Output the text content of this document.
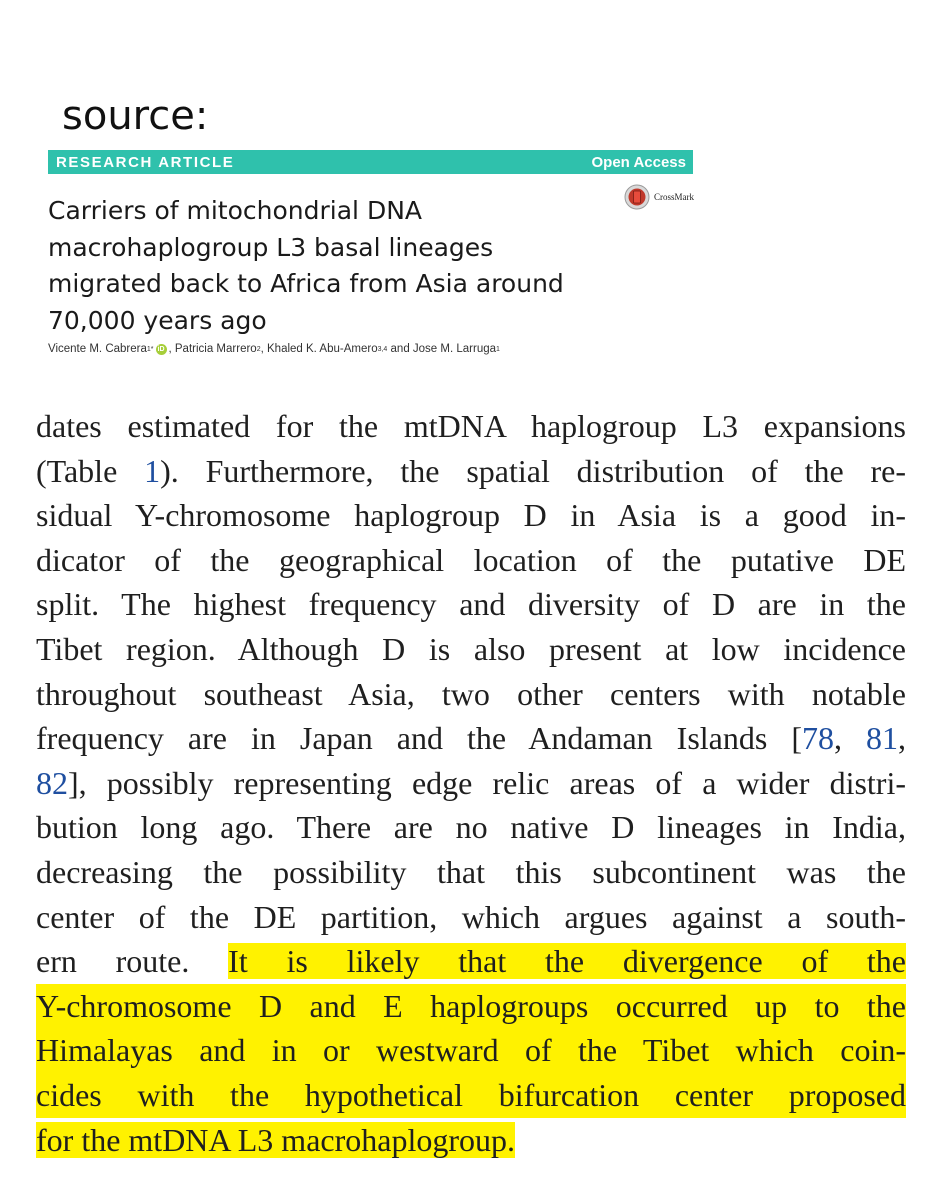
source:
RESEARCH ARTICLE	Open Access
CrossMark
Carriers of mitochondrial DNA
macrohaplogroup L3 basal lineages
migrated back to Africa from Asia around
70,000 years ago
Vicente M. Cabrera 1* iD , Patricia Marrero 2 , Khaled K. Abu-Amero 3,4 and Jose M. Larruga 1
dates estimated for the mtDNA haplogroup L3 expansions
(Table 1). Furthermore, the spatial distribution of the re-
sidual Y-chromosome haplogroup D in Asia is a good in-
dicator of the geographical location of the putative DE
split. The highest frequency and diversity of D are in the
Tibet region. Although D is also present at low incidence
throughout southeast Asia, two other centers with notable
frequency are in Japan and the Andaman Islands [78, 81,
82], possibly representing edge relic areas of a wider distri-
bution long ago. There are no native D lineages in India,
decreasing the possibility that this subcontinent was the
center of the DE partition, which argues against a south-
ern route. It is likely that the divergence of the
Y-chromosome D and E haplogroups occurred up to the
Himalayas and in or westward of the Tibet which coin-
cides with the hypothetical bifurcation center proposed
for the mtDNA L3 macrohaplogroup.
